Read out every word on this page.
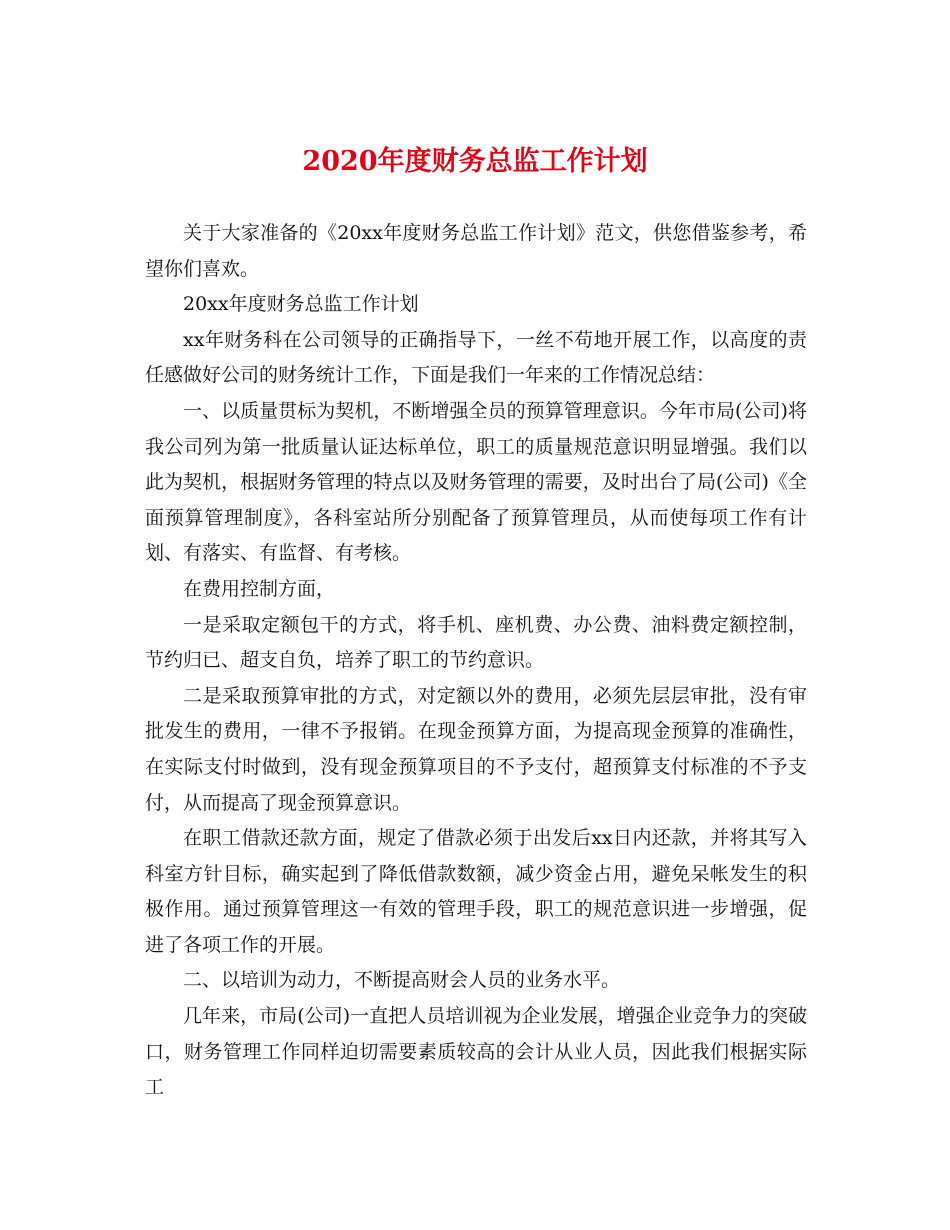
2020年度财务总监工作计划

关于大家准备的《20xx年度财务总监工作计划》范文，供您借鉴参考，希望你们喜欢。

20xx年度财务总监工作计划

xx年财务科在公司领导的正确指导下，一丝不苟地开展工作，以高度的责任感做好公司的财务统计工作，下面是我们一年来的工作情况总结：

一、以质量贯标为契机，不断增强全员的预算管理意识。今年市局(公司)将我公司列为第一批质量认证达标单位，职工的质量规范意识明显增强。我们以此为契机，根据财务管理的特点以及财务管理的需要，及时出台了局(公司)《全面预算管理制度》，各科室站所分别配备了预算管理员，从而使每项工作有计划、有落实、有监督、有考核。

在费用控制方面，

一是采取定额包干的方式，将手机、座机费、办公费、油料费定额控制，节约归已、超支自负，培养了职工的节约意识。

二是采取预算审批的方式，对定额以外的费用，必须先层层审批，没有审批发生的费用，一律不予报销。在现金预算方面，为提高现金预算的准确性，在实际支付时做到，没有现金预算项目的不予支付，超预算支付标准的不予支付，从而提高了现金预算意识。

在职工借款还款方面，规定了借款必须于出发后xx日内还款，并将其写入科室方针目标，确实起到了降低借款数额，减少资金占用，避免呆帐发生的积极作用。通过预算管理这一有效的管理手段，职工的规范意识进一步增强，促进了各项工作的开展。

二、以培训为动力，不断提高财会人员的业务水平。

几年来，市局(公司)一直把人员培训视为企业发展，增强企业竞争力的突破口，财务管理工作同样迫切需要素质较高的会计从业人员，因此我们根据实际工
